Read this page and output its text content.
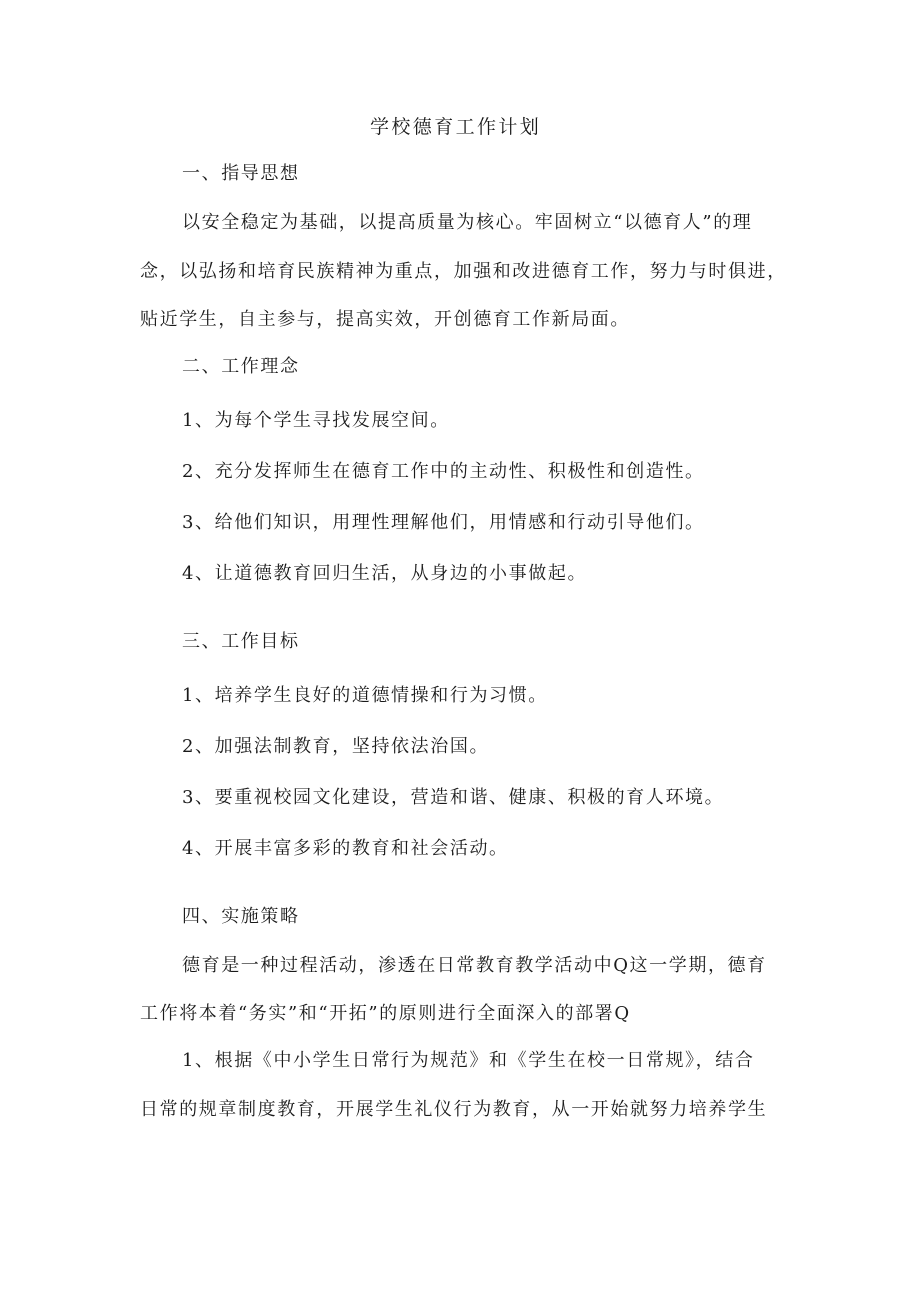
学校德育工作计划
一、指导思想
以安全稳定为基础，以提高质量为核心。牢固树立“以德育人”的理
念，以弘扬和培育民族精神为重点，加强和改进德育工作，努力与时俱进，
贴近学生，自主参与，提高实效，开创德育工作新局面。
二、工作理念
1、为每个学生寻找发展空间。
2、充分发挥师生在德育工作中的主动性、积极性和创造性。
3、给他们知识，用理性理解他们，用情感和行动引导他们。
4、让道德教育回归生活，从身边的小事做起。
三、工作目标
1、培养学生良好的道德情操和行为习惯。
2、加强法制教育，坚持依法治国。
3、要重视校园文化建设，营造和谐、健康、积极的育人环境。
4、开展丰富多彩的教育和社会活动。
四、实施策略
德育是一种过程活动，渗透在日常教育教学活动中Q这一学期，德育
工作将本着“务实”和“开拓”的原则进行全面深入的部署Q
1、根据《中小学生日常行为规范》和《学生在校一日常规》，结合
日常的规章制度教育，开展学生礼仪行为教育，从一开始就努力培养学生
